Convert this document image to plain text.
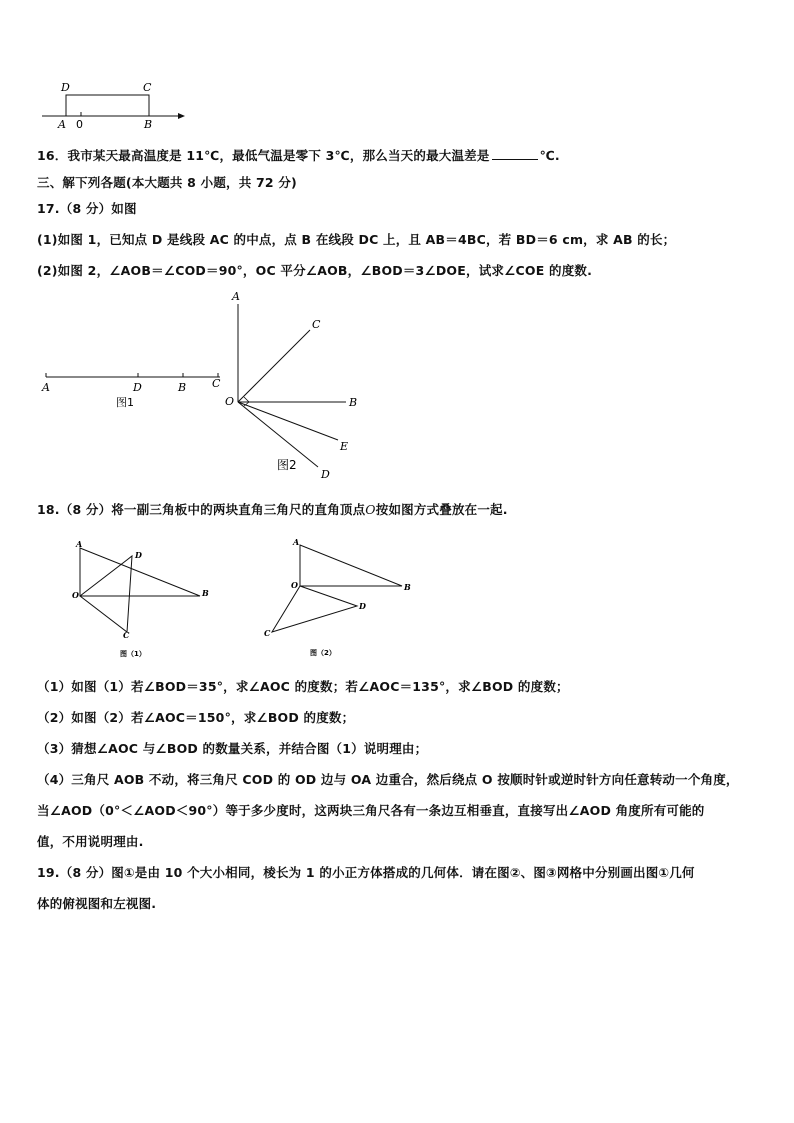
D	C
A 0	B
16．我市某天最高温度是 11℃，最低气温是零下 3℃，那么当天的最大温差是	℃.
三、解下列各题(本大题共 8 小题，共 72 分)
17.（8 分）如图
(1)如图 1，已知点 D 是线段 AC 的中点，点 B 在线段 DC 上，且 AB＝4BC，若 BD＝6 cm，求 AB 的长；
(2)如图 2，∠AOB＝∠COD＝90°，OC 平分∠AOB，∠BOD＝3∠DOE，试求∠COE 的度数.
A	D	B C
图1
A
C
O	B
E
D
图2
18.（8 分）将一副三角板中的两块直角三角尺的直角顶点O按如图方式叠放在一起.
A
D
O	B
C
图（1）
A
O	B
D
C
图（2）
（1）如图（1）若∠BOD＝35°，求∠AOC 的度数；若∠AOC＝135°，求∠BOD 的度数；
（2）如图（2）若∠AOC＝150°，求∠BOD 的度数；
（3）猜想∠AOC 与∠BOD 的数量关系，并结合图（1）说明理由；
（4）三角尺 AOB 不动，将三角尺 COD 的 OD 边与 OA 边重合，然后绕点 O 按顺时针或逆时针方向任意转动一个角度，
当∠AOD（0°＜∠AOD＜90°）等于多少度时，这两块三角尺各有一条边互相垂直，直接写出∠AOD 角度所有可能的
值，不用说明理由.
19.（8 分）图①是由 10 个大小相同，棱长为 1 的小正方体搭成的几何体．请在图②、图③网格中分别画出图①几何
体的俯视图和左视图.
